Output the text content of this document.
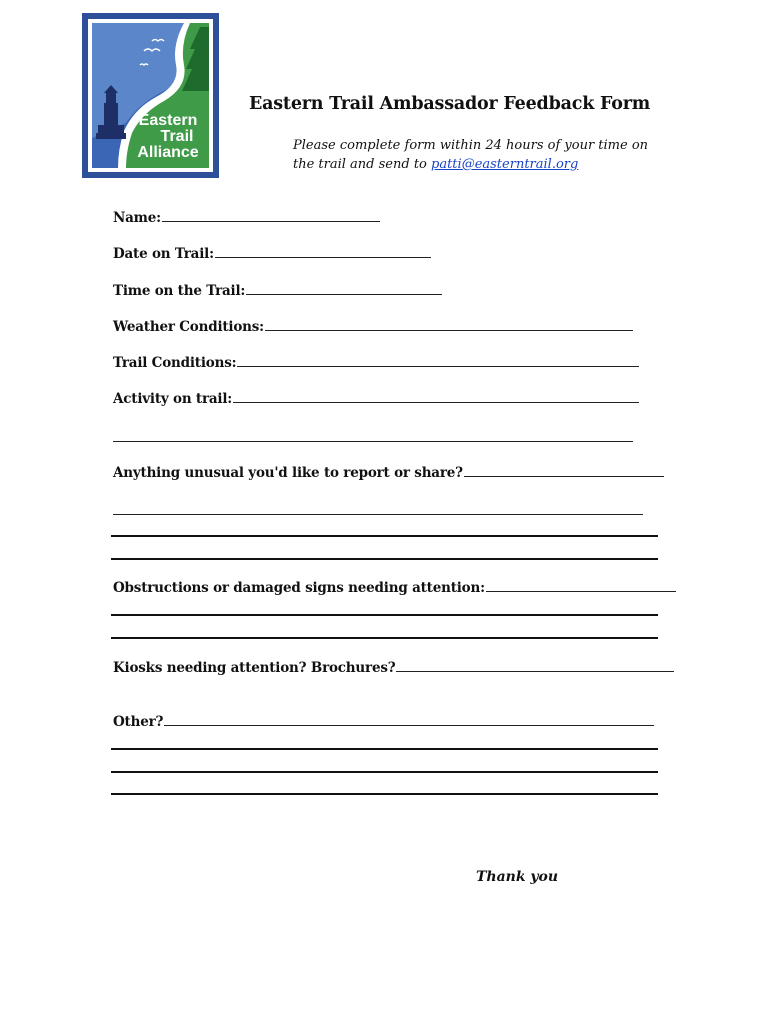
Eastern
Trail
Alliance
Eastern Trail Ambassador Feedback Form
Please complete form within 24 hours of your time on the trail and send to patti@easterntrail.org
Name:
Date on Trail:
Time on the Trail:
Weather Conditions:
Trail Conditions:
Activity on trail:
Anything unusual you'd like to report or share?
Obstructions or damaged signs needing attention:
Kiosks needing attention? Brochures?
Other?
Thank you
